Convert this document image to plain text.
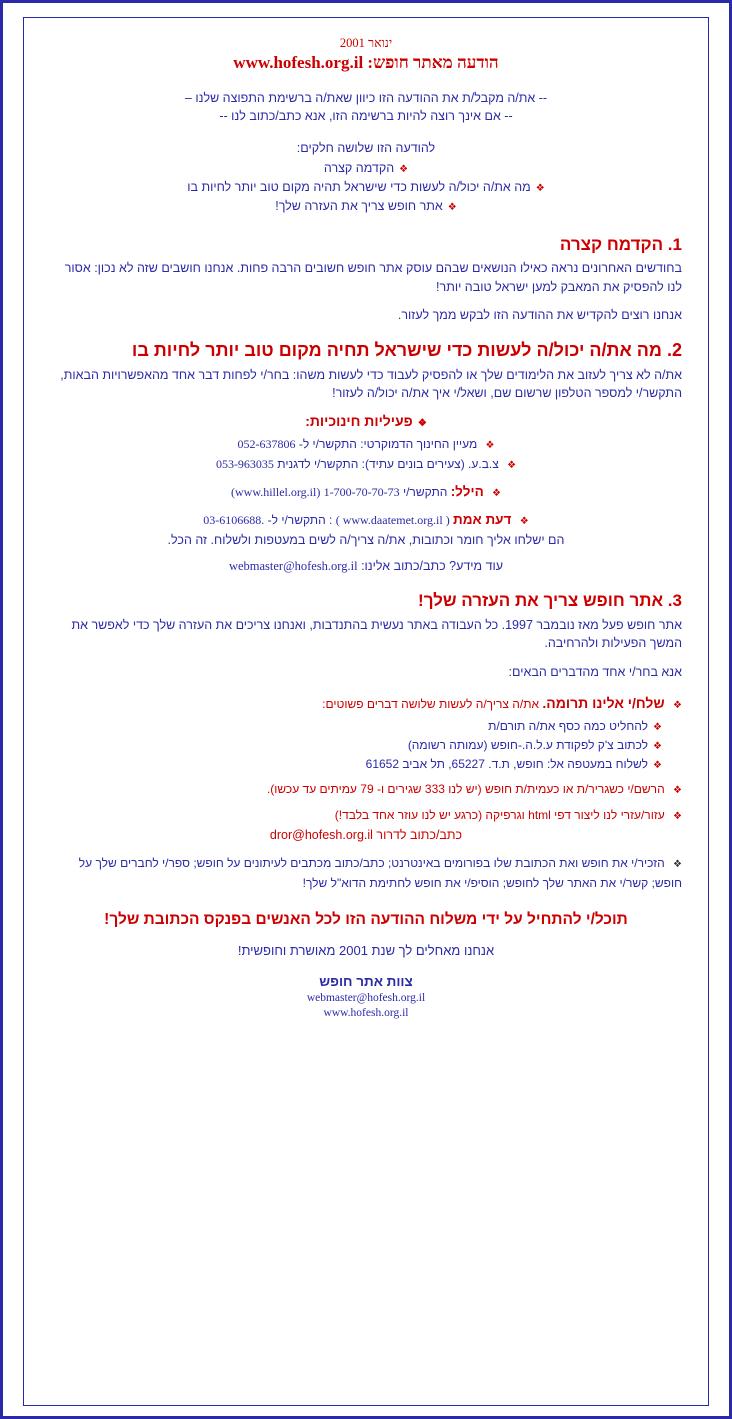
ינואר 2001
הודעה מאתר חופש: www.hofesh.org.il
-- את/ה מקבל/ת את ההודעה הזו כיוון שאת/ה ברשימת התפוצה שלנו –
-- אם אינך רוצה להיות ברשימה הזו, אנא כתב/כתוב לנו --
להודעה הזו שלושה חלקים:
❖הקדמה קצרה
❖מה את/ה יכול/ה לעשות כדי שישראל תהיה מקום טוב יותר לחיות בו
❖אתר חופש צריך את העזרה שלך!
1. הקדמח קצרה

בחודשים האחרונים נראה כאילו הנושאים שבהם עוסק אתר חופש חשובים הרבה פחות. אנחנו חושבים שזה לא נכון: אסור לנו להפסיק את המאבק למען ישראל טובה יותר!

אנחנו רוצים להקדיש את ההודעה הזו לבקש ממך לעזור.

2. מה את/ה יכול/ה לעשות כדי שישראל תחיה מקום טוב יותר לחיות בו

את/ה לא צריך לעזוב את הלימודים שלך או להפסיק לעבוד כדי לעשות משהו: בחר/י לפחות דבר אחד מהאפשרויות הבאות, התקשר/י למספר הטלפון שרשום שם, ושאל/י איך את/ה יכול/ה לעזור!

❖פעיליות חינוכיות:
❖ מעיין החינוך הדמוקרטי: התקשר/י ל- 052-637806
❖ צ.ב.ע. (צעירים בונים עתיד): התקשר/י לדגנית 053-963035
❖ הילל: התקשר/י 1-700-70-70-73 (www.hillel.org.il)
❖ דעת אמת ( www.daatemet.org.il ) : התקשר/י ל- 03-6106688.
הם ישלחו אליך חומר וכתובות, את/ה צריך/ה לשים במעטפות ולשלוח. זה הכל.
עוד מידע? כתב/כתוב אלינו: webmaster@hofesh.org.il
3. אתר חופש צריך את העזרה שלך!

אתר חופש פעל מאז נובמבר 1997. כל העבודה באתר נעשית בהתנדבות, ואנחנו צריכים את העזרה שלך כדי לאפשר את המשך הפעילות ולהרחיבה.

אנא בחר/י אחד מהדברים הבאים:

❖ שלח/י אלינו תרומה. את/ה צריך/ה לעשות שלושה דברים פשוטים:
❖להחליט כמה כסף את/ה תורם/ת
❖לכתוב צ'ק לפקודת ע.ל.ה.-חופש (עמותה רשומה)
❖לשלוח במעטפה אל: חופש, ת.ד. 65227, תל אביב 61652
❖ הרשם/י כשגריר/ת או כעמית/ת חופש (יש לנו 333 שגירים ו- 79 עמיתים עד עכשו).
❖ עזור/עזרי לנו ליצור דפי html וגרפיקה (כרגע יש לנו עוזר אחד בלבד!)
כתב/כתוב לדרור dror@hofesh.org.il
❖ הזכיר/י את חופש ואת הכתובת שלו בפורומים באינטרנט; כתב/כתוב מכתבים לעיתונים על חופש; ספר/י לחברים שלך על חופש; קשר/י את האתר שלך לחופש; הוסיפ/י את חופש לחתימת הדוא"ל שלך!
תוכל/י להתחיל על ידי משלוח ההודעה הזו לכל האנשים בפנקס הכתובת שלך!
אנחנו מאחלים לך שנת 2001 מאושרת וחופשית!
צוות אתר חופש
webmaster@hofesh.org.il
www.hofesh.org.il
